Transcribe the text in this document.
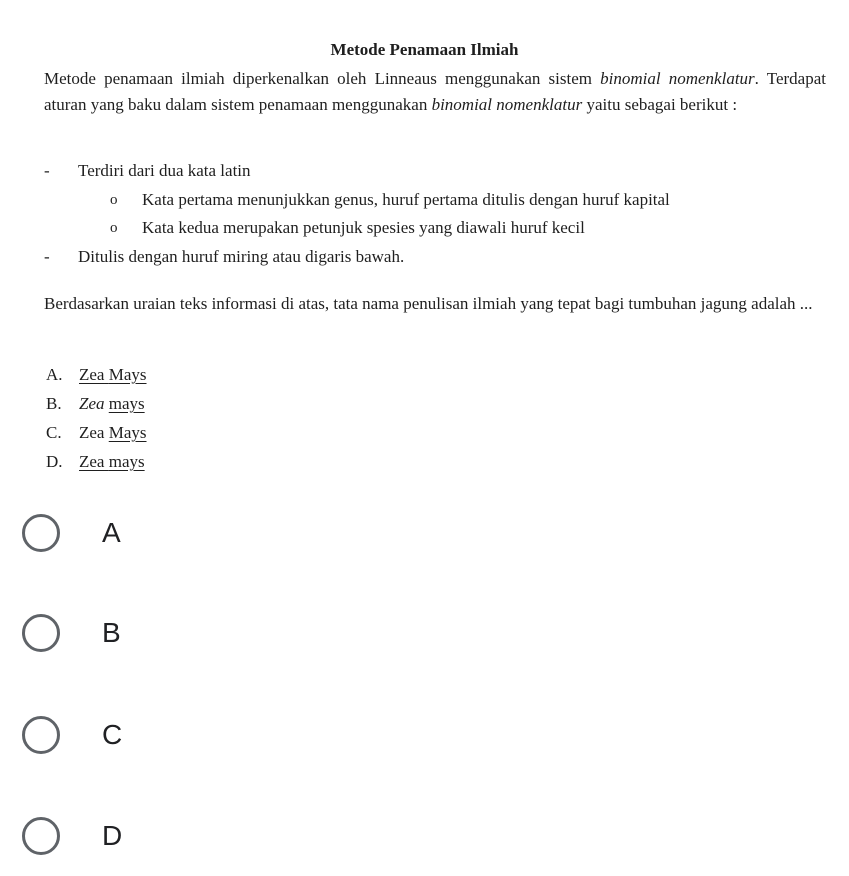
Metode Penamaan Ilmiah
Metode penamaan ilmiah diperkenalkan oleh Linneaus menggunakan sistem binomial nomenklatur. Terdapat aturan yang baku dalam sistem penamaan menggunakan binomial nomenklatur yaitu sebagai berikut :
- Terdiri dari dua kata latin
o Kata pertama menunjukkan genus, huruf pertama ditulis dengan huruf kapital
o Kata kedua merupakan petunjuk spesies yang diawali huruf kecil
- Ditulis dengan huruf miring atau digaris bawah.
Berdasarkan uraian teks informasi di atas, tata nama penulisan ilmiah yang tepat bagi tumbuhan jagung adalah ...
A. Zea Mays
B. Zea mays
C. Zea Mays
D. Zea mays
A
B
C
D
